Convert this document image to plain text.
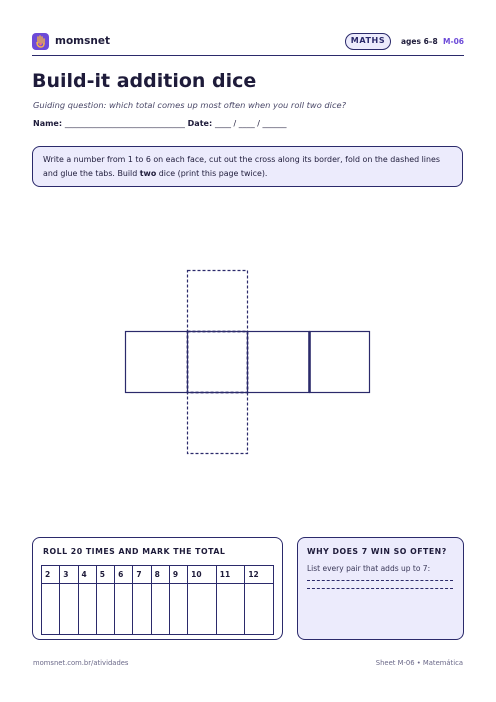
momsnet	MATHS	ages 6–8 M-06
Build-it addition dice
Guiding question: which total comes up most often when you roll two dice?
Name: ______________________________ Date: ____ / ____ / ______
Write a number from 1 to 6 on each face, cut out the cross along its border, fold on the dashed lines and glue the tabs. Build two dice (print this page twice).
ROLL 20 TIMES AND MARK THE TOTAL
2	3	4	5	6	7	8	9	10	11	12

WHY DOES 7 WIN SO OFTEN?
List every pair that adds up to 7:
momsnet.com.br/atividades	Sheet M-06 • Matemática
